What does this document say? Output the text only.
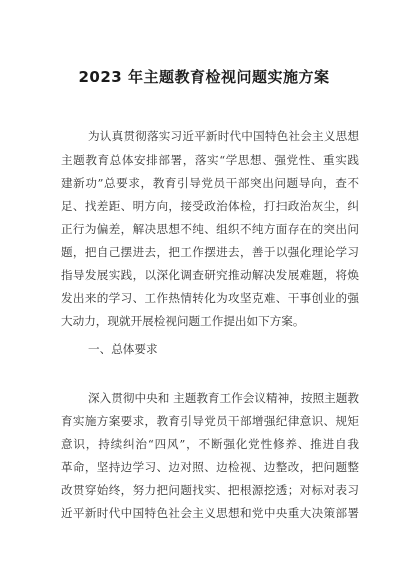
2023 年主题教育检视问题实施方案
为认真贯彻落实习近平新时代中国特色社会主义思想
主题教育总体安排部署，落实“学思想、强党性、重实践
建新功”总要求，教育引导党员干部突出问题导向，查不
足、找差距、明方向，接受政治体检，打扫政治灰尘，纠
正行为偏差，解决思想不纯、组织不纯方面存在的突出问
题，把自己摆进去，把工作摆进去，善于以强化理论学习
指导发展实践，以深化调查研究推动解决发展难题，将焕
发出来的学习、工作热情转化为攻坚克难、干事创业的强
大动力，现就开展检视问题工作提出如下方案。
一、总体要求
深入贯彻中央和 主题教育工作会议精神，按照主题教
育实施方案要求，教育引导党员干部增强纪律意识、规矩
意识，持续纠治“四风”，不断强化党性修养、推进自我
革命，坚持边学习、边对照、边检视、边整改，把问题整
改贯穿始终，努力把问题找实、把根源挖透；对标对表习
近平新时代中国特色社会主义思想和党中央重大决策部署
